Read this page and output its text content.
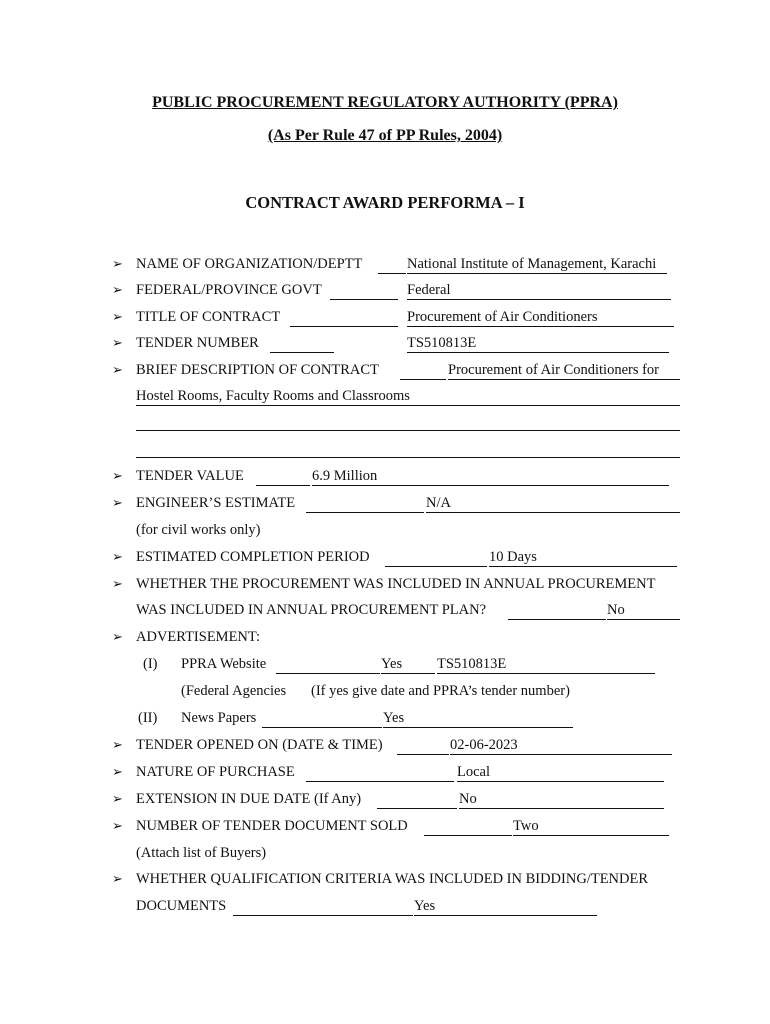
PUBLIC PROCUREMENT REGULATORY AUTHORITY (PPRA)
(As Per Rule 47 of PP Rules, 2004)
CONTRACT AWARD PERFORMA – I
➢ NAME OF ORGANIZATION/DEPTT	National Institute of Management, Karachi
➢ FEDERAL/PROVINCE GOVT	Federal
➢ TITLE OF CONTRACT	Procurement of Air Conditioners
➢ TENDER NUMBER	TS510813E
➢ BRIEF DESCRIPTION OF CONTRACT	Procurement of Air Conditioners for
Hostel Rooms, Faculty Rooms and Classrooms
➢ TENDER VALUE	6.9 Million
➢ ENGINEER’S ESTIMATE	N/A
(for civil works only)
➢ ESTIMATED COMPLETION PERIOD	10 Days
➢ WHETHER THE PROCUREMENT WAS INCLUDED IN ANNUAL PROCUREMENT
WAS INCLUDED IN ANNUAL PROCUREMENT PLAN?	No
➢ ADVERTISEMENT:
(I) PPRA Website	Yes	TS510813E
(Federal Agencies (If yes give date and PPRA’s tender number)
(II) News Papers	Yes
➢ TENDER OPENED ON (DATE & TIME)	02-06-2023
➢ NATURE OF PURCHASE	Local
➢ EXTENSION IN DUE DATE (If Any)	No
➢ NUMBER OF TENDER DOCUMENT SOLD	Two
(Attach list of Buyers)
➢ WHETHER QUALIFICATION CRITERIA WAS INCLUDED IN BIDDING/TENDER
DOCUMENTS	Yes
